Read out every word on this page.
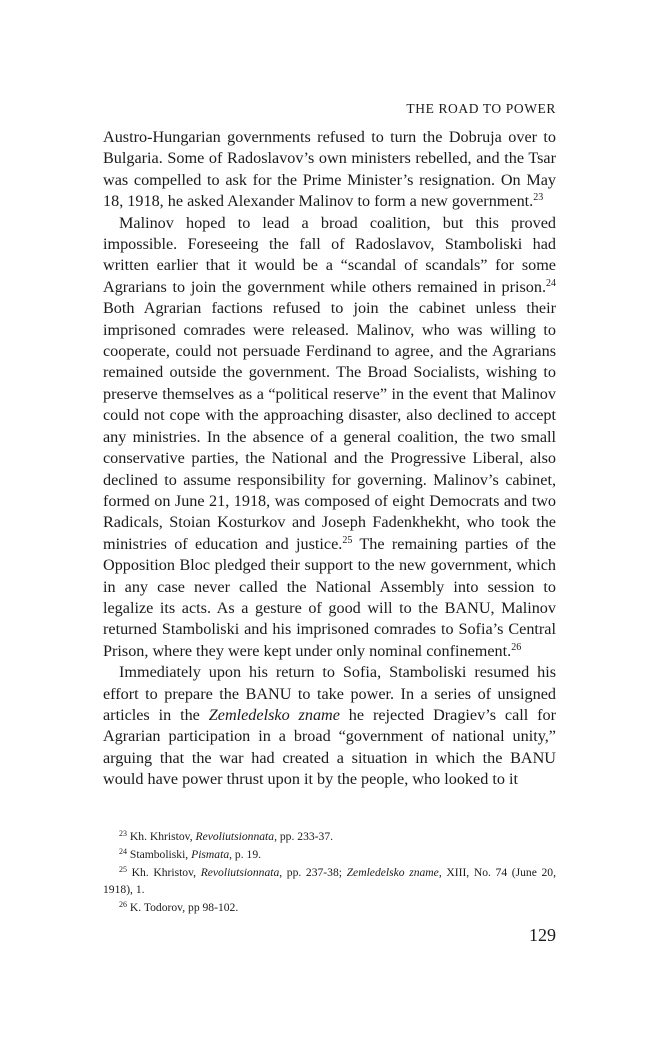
THE ROAD TO POWER

Austro-Hungarian governments refused to turn the Dobruja over to Bulgaria. Some of Radoslavov’s own ministers rebelled, and the Tsar was compelled to ask for the Prime Minister’s resignation. On May 18, 1918, he asked Alexander Malinov to form a new government.$^{23}$

Malinov hoped to lead a broad coalition, but this proved impossible. Foreseeing the fall of Radoslavov, Stamboliski had written earlier that it would be a “scandal of scandals” for some Agrarians to join the government while others remained in prison.$^{24}$ Both Agrarian factions refused to join the cabinet unless their imprisoned comrades were released. Malinov, who was willing to cooperate, could not persuade Ferdinand to agree, and the Agrarians remained outside the government. The Broad Socialists, wishing to preserve themselves as a “political reserve” in the event that Malinov could not cope with the approaching disaster, also declined to accept any ministries. In the absence of a general coalition, the two small conservative parties, the National and the Progressive Liberal, also declined to assume responsibility for governing. Malinov’s cabinet, formed on June 21, 1918, was composed of eight Democrats and two Radicals, Stoian Kosturkov and Joseph Fadenkhekht, who took the ministries of education and justice.$^{25}$ The remaining parties of the Opposition Bloc pledged their support to the new government, which in any case never called the National Assembly into session to legalize its acts. As a gesture of good will to the BANU, Malinov returned Stamboliski and his imprisoned comrades to Sofia’s Central Prison, where they were kept under only nominal confinement.$^{26}$

Immediately upon his return to Sofia, Stamboliski resumed his effort to prepare the BANU to take power. In a series of unsigned articles in the Zemledelsko zname he rejected Dragiev’s call for Agrarian participation in a broad “government of national unity,” arguing that the war had created a situation in which the BANU would have power thrust upon it by the people, who looked to it

$^{23}$ Kh. Khristov, Revoliutsionnata, pp. 233-37.

$^{24}$ Stamboliski, Pismata, p. 19.

$^{25}$ Kh. Khristov, Revoliutsionnata, pp. 237-38; Zemledelsko zname, XIII, No. 74 (June 20, 1918), 1.

$^{26}$ K. Todorov, pp 98-102.

129
